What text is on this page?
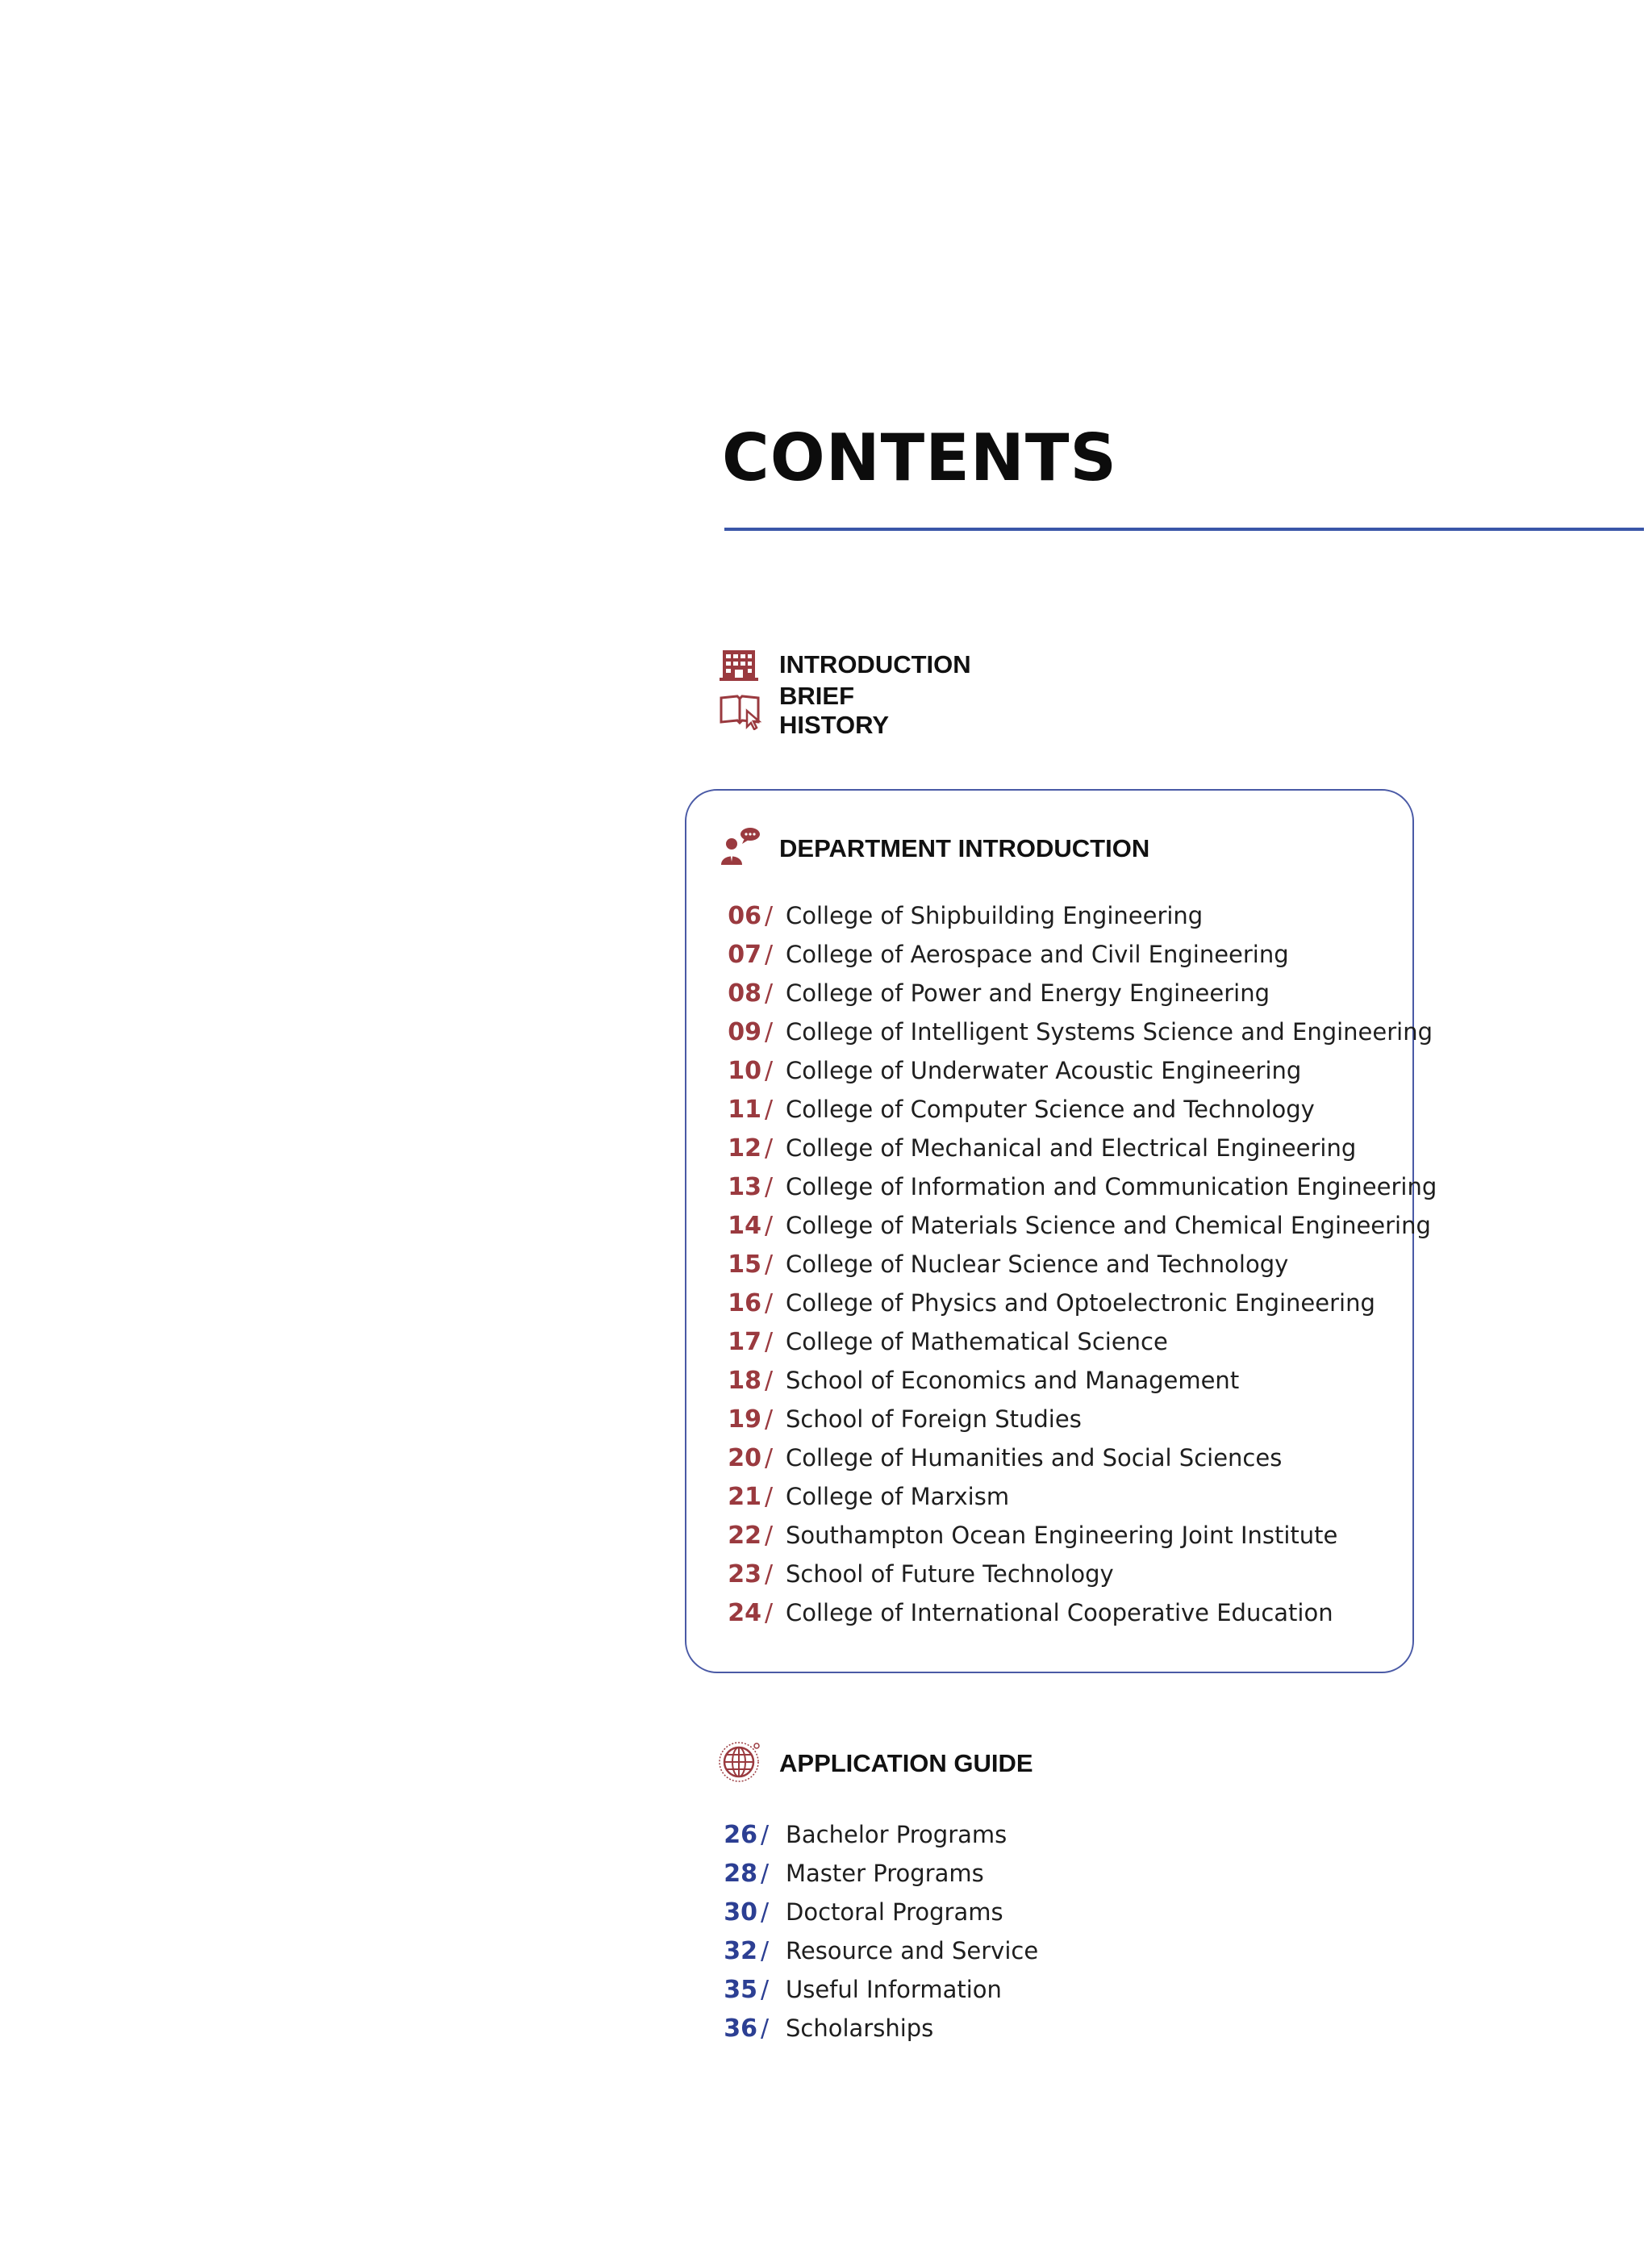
CONTENTS
INTRODUCTION
BRIEF HISTORY
DEPARTMENT INTRODUCTION
06 / College of Shipbuilding Engineering
07 / College of Aerospace and Civil Engineering
08 / College of Power and Energy Engineering
09 / College of Intelligent Systems Science and Engineering
10 / College of Underwater Acoustic Engineering
11 / College of Computer Science and Technology
12 / College of Mechanical and Electrical Engineering
13 / College of Information and Communication Engineering
14 / College of Materials Science and Chemical Engineering
15 / College of Nuclear Science and Technology
16 / College of Physics and Optoelectronic Engineering
17 / College of Mathematical Science
18 / School of Economics and Management
19 / School of Foreign Studies
20 / College of Humanities and Social Sciences
21 / College of Marxism
22 / Southampton Ocean Engineering Joint Institute
23 / School of Future Technology
24 / College of International Cooperative Education
APPLICATION GUIDE
26 / Bachelor Programs
28 / Master Programs
30 / Doctoral Programs
32 / Resource and Service
35 / Useful Information
36 / Scholarships
